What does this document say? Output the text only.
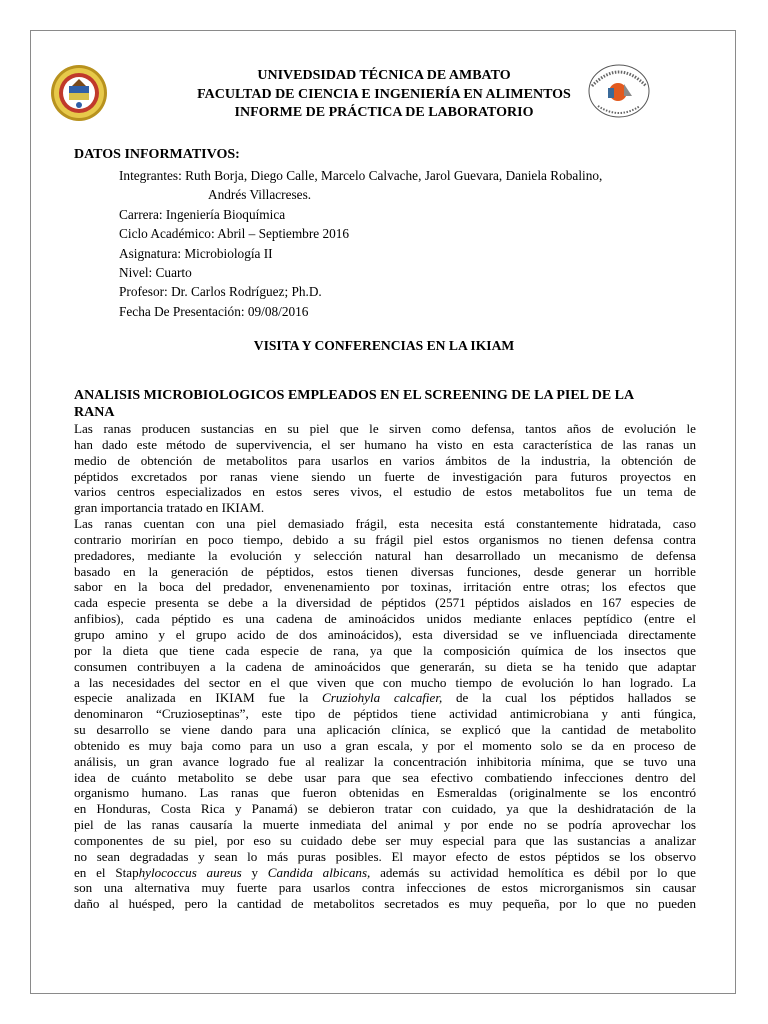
UNIVEDSIDAD TÉCNICA DE AMBATO
FACULTAD DE CIENCIA E INGENIERÍA EN ALIMENTOS
INFORME DE PRÁCTICA DE LABORATORIO
DATOS INFORMATIVOS:
Integrantes: Ruth Borja, Diego Calle, Marcelo Calvache, Jarol Guevara, Daniela Robalino,
Andrés Villacreses.
Carrera: Ingeniería Bioquímica
Ciclo Académico: Abril – Septiembre 2016
Asignatura: Microbiología II
Nivel: Cuarto
Profesor: Dr. Carlos Rodríguez; Ph.D.
Fecha De Presentación: 09/08/2016
VISITA Y CONFERENCIAS EN LA IKIAM
ANALISIS MICROBIOLOGICOS EMPLEADOS EN EL SCREENING DE LA PIEL DE LA
RANA
Las ranas producen sustancias en su piel que le sirven como defensa, tantos años de evolución le
han dado este método de supervivencia, el ser humano ha visto en esta característica de las ranas un
medio de obtención de metabolitos para usarlos en varios ámbitos de la industria, la obtención de
péptidos excretados por ranas viene siendo un fuerte de investigación para futuros proyectos en
varios centros especializados en estos seres vivos, el estudio de estos metabolitos fue un tema de
gran importancia tratado en IKIAM.
Las ranas cuentan con una piel demasiado frágil, esta necesita está constantemente hidratada, caso
contrario morirían en poco tiempo, debido a su frágil piel estos organismos no tienen defensa contra
predadores, mediante la evolución y selección natural han desarrollado un mecanismo de defensa
basado en la generación de péptidos, estos tienen diversas funciones, desde generar un horrible
sabor en la boca del predador, envenenamiento por toxinas, irritación entre otras; los efectos que
cada especie presenta se debe a la diversidad de péptidos (2571 péptidos aislados en 167 especies de
anfibios), cada péptido es una cadena de aminoácidos unidos mediante enlaces peptídico (entre el
grupo amino y el grupo acido de dos aminoácidos), esta diversidad se ve influenciada directamente
por la dieta que tiene cada especie de rana, ya que la composición química de los insectos que
consumen contribuyen a la cadena de aminoácidos que generarán, su dieta se ha tenido que adaptar
a las necesidades del sector en el que viven que con mucho tiempo de evolución lo han logrado. La
especie analizada en IKIAM fue la Cruziohyla calcafier, de la cual los péptidos hallados se
denominaron “Cruzioseptinas”, este tipo de péptidos tiene actividad antimicrobiana y anti fúngica,
su desarrollo se viene dando para una aplicación clínica, se explicó que la cantidad de metabolito
obtenido es muy baja como para un uso a gran escala, y por el momento solo se da en proceso de
análisis, un gran avance logrado fue al realizar la concentración inhibitoria mínima, que se tuvo una
idea de cuánto metabolito se debe usar para que sea efectivo combatiendo infecciones dentro del
organismo humano. Las ranas que fueron obtenidas en Esmeraldas (originalmente se los encontró
en Honduras, Costa Rica y Panamá) se debieron tratar con cuidado, ya que la deshidratación de la
piel de las ranas causaría la muerte inmediata del animal y por ende no se podría aprovechar los
componentes de su piel, por eso su cuidado debe ser muy especial para que las sustancias a analizar
no sean degradadas y sean lo más puras posibles. El mayor efecto de estos péptidos se los observo
en el Staphylococcus aureus y Candida albicans, además su actividad hemolítica es débil por lo que
son una alternativa muy fuerte para usarlos contra infecciones de estos microrganismos sin causar
daño al huésped, pero la cantidad de metabolitos secretados es muy pequeña, por lo que no pueden
